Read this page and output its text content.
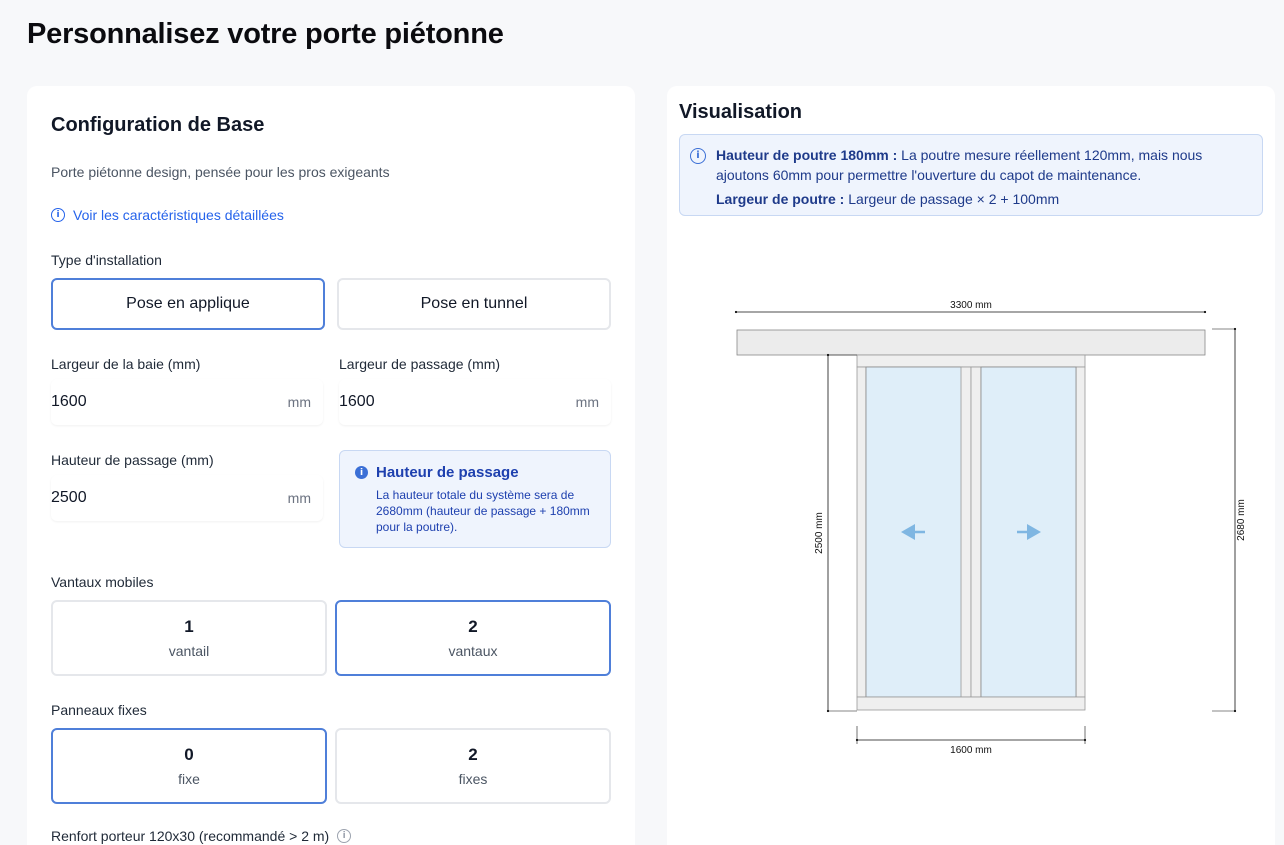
Personnalisez votre porte piétonne
Configuration de Base

Porte piétonne design, pensée pour les pros exigeants

i Voir les caractéristiques détaillées
Type d'installation
Pose en applique	Pose en tunnel
Largeur de la baie (mm)
1600
mm
Largeur de passage (mm)
1600
mm
Hauteur de passage (mm)
2500
mm
i Hauteur de passage
La hauteur totale du système sera de 2680mm (hauteur de passage + 180mm pour la poutre).
Vantaux mobiles
1
vantail
2
vantaux
Panneaux fixes
0
fixe
2
fixes
Renfort porteur 120x30 (recommandé > 2 m)	i
Visualisation
i	Hauteur de poutre 180mm : La poutre mesure réellement 120mm, mais nous ajoutons 60mm pour permettre l'ouverture du capot de maintenance.

Largeur de poutre : Largeur de passage × 2 + 100mm

3300 mm
2500 mm	2680 mm
1600 mm
